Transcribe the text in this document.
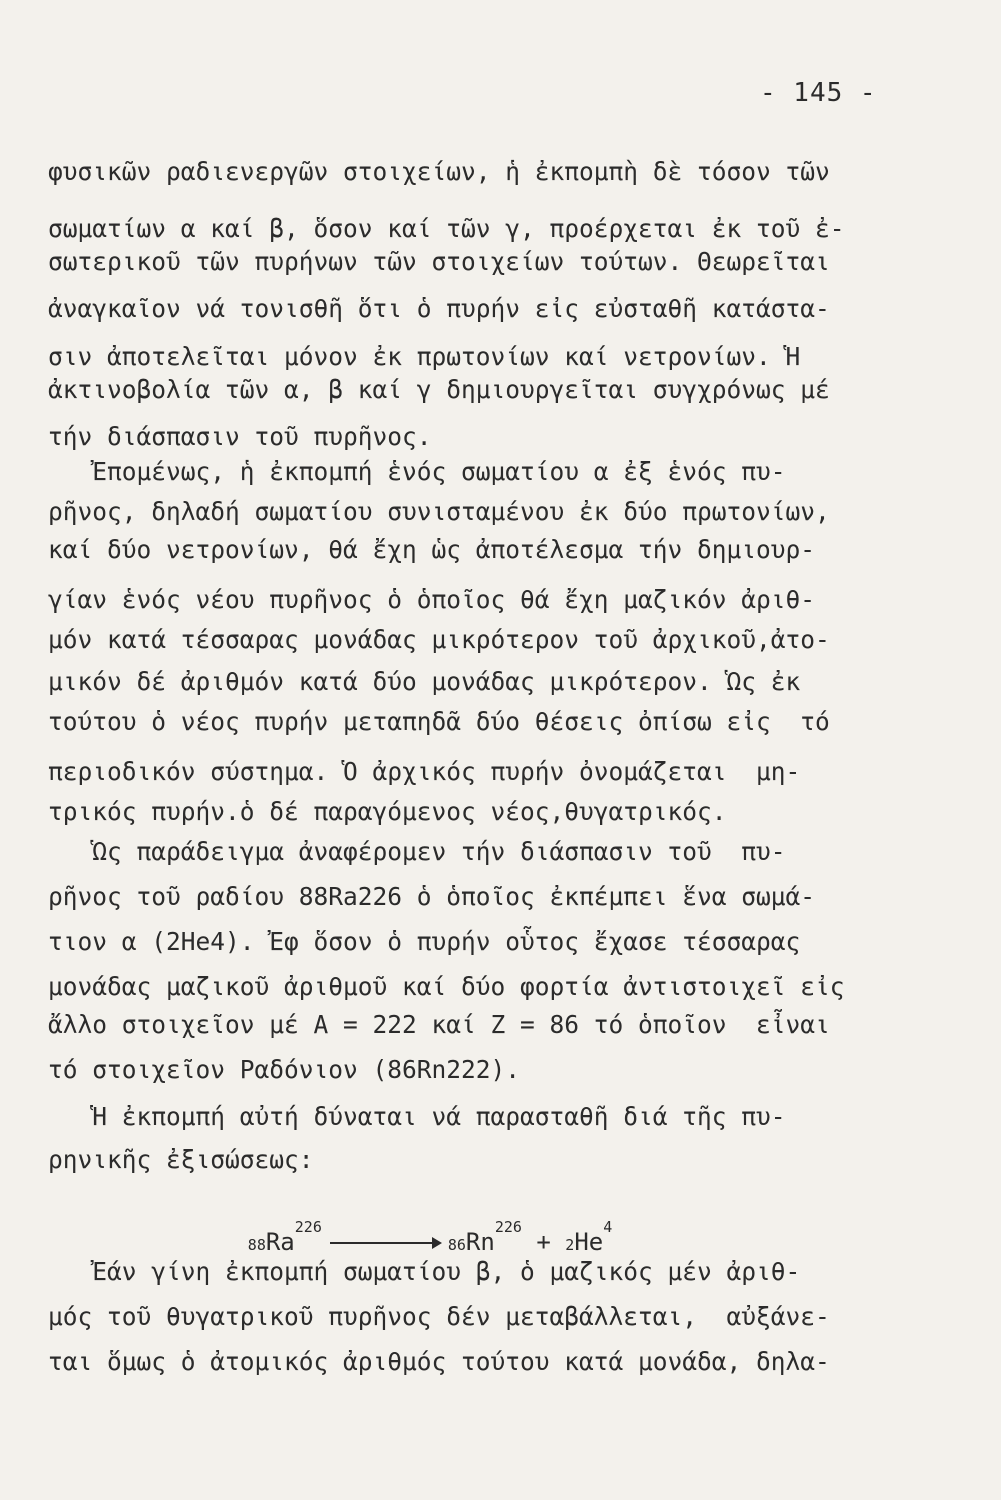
- 145 -
φυσικῶν ραδιενεργῶν στοιχείων, ἡ ἐκπομπὴ δὲ τόσον τῶν
σωματίων α καί β, ὅσον καί τῶν γ, προέρχεται ἐκ τοῦ ἐ-
σωτερικοῦ τῶν πυρήνων τῶν στοιχείων τούτων. Θεωρεῖται
ἀναγκαῖον νά τονισθῆ ὅτι ὁ πυρήν εἰς εὐσταθῆ κατάστα-
σιν ἀποτελεῖται μόνον ἐκ πρωτονίων καί νετρονίων. Ἡ
ἀκτινοβολία τῶν α, β καί γ δημιουργεῖται συγχρόνως μέ
τήν διάσπασιν τοῦ πυρῆνος.
Ἐπομένως, ἡ ἐκπομπή ἑνός σωματίου α ἐξ ἑνός πυ-
ρῆνος, δηλαδή σωματίου συνισταμένου ἐκ δύο πρωτονίων,
καί δύο νετρονίων, θά ἔχη ὡς ἀποτέλεσμα τήν δημιουρ-
γίαν ἑνός νέου πυρῆνος ὁ ὁποῖος θά ἔχη μαζικόν ἀριθ-
μόν κατά τέσσαρας μονάδας μικρότερον τοῦ ἀρχικοῦ,ἀτο-
μικόν δέ ἀριθμόν κατά δύο μονάδας μικρότερον. Ὡς ἐκ
τούτου ὁ νέος πυρήν μεταπηδᾶ δύο θέσεις ὀπίσω εἰς  τό
περιοδικόν σύστημα. Ὁ ἀρχικός πυρήν ὀνομάζεται  μη-
τρικός πυρήν.ὁ δέ παραγόμενος νέος,θυγατρικός.
Ὡς παράδειγμα ἀναφέρομεν τήν διάσπασιν τοῦ  πυ-
ρῆνος τοῦ ραδίου 88Ra226 ὁ ὁποῖος ἐκπέμπει ἕνα σωμά-
τιον α (2He4). Ἐφ ὅσον ὁ πυρήν οὗτος ἔχασε τέσσαρας
μονάδας μαζικοῦ ἀριθμοῦ καί δύο φορτία ἀντιστοιχεῖ εἰς
ἄλλο στοιχεῖον μέ Α = 222 καί Ζ = 86 τό ὁποῖον  εἶναι
τό στοιχεῖον Ραδόνιον (86Rn222).
Ἡ ἐκπομπή αὐτή δύναται νά παρασταθῆ διά τῆς πυ-
ρηνικῆς ἐξισώσεως:

$88Ra^{226}86Rn^{226} + 2He^4$

Ἐάν γίνη ἐκπομπή σωματίου β, ὁ μαζικός μέν ἀριθ-
μός τοῦ θυγατρικοῦ πυρῆνος δέν μεταβάλλεται,  αὐξάνε-
ται ὅμως ὁ ἀτομικός ἀριθμός τούτου κατά μονάδα, δηλα-
